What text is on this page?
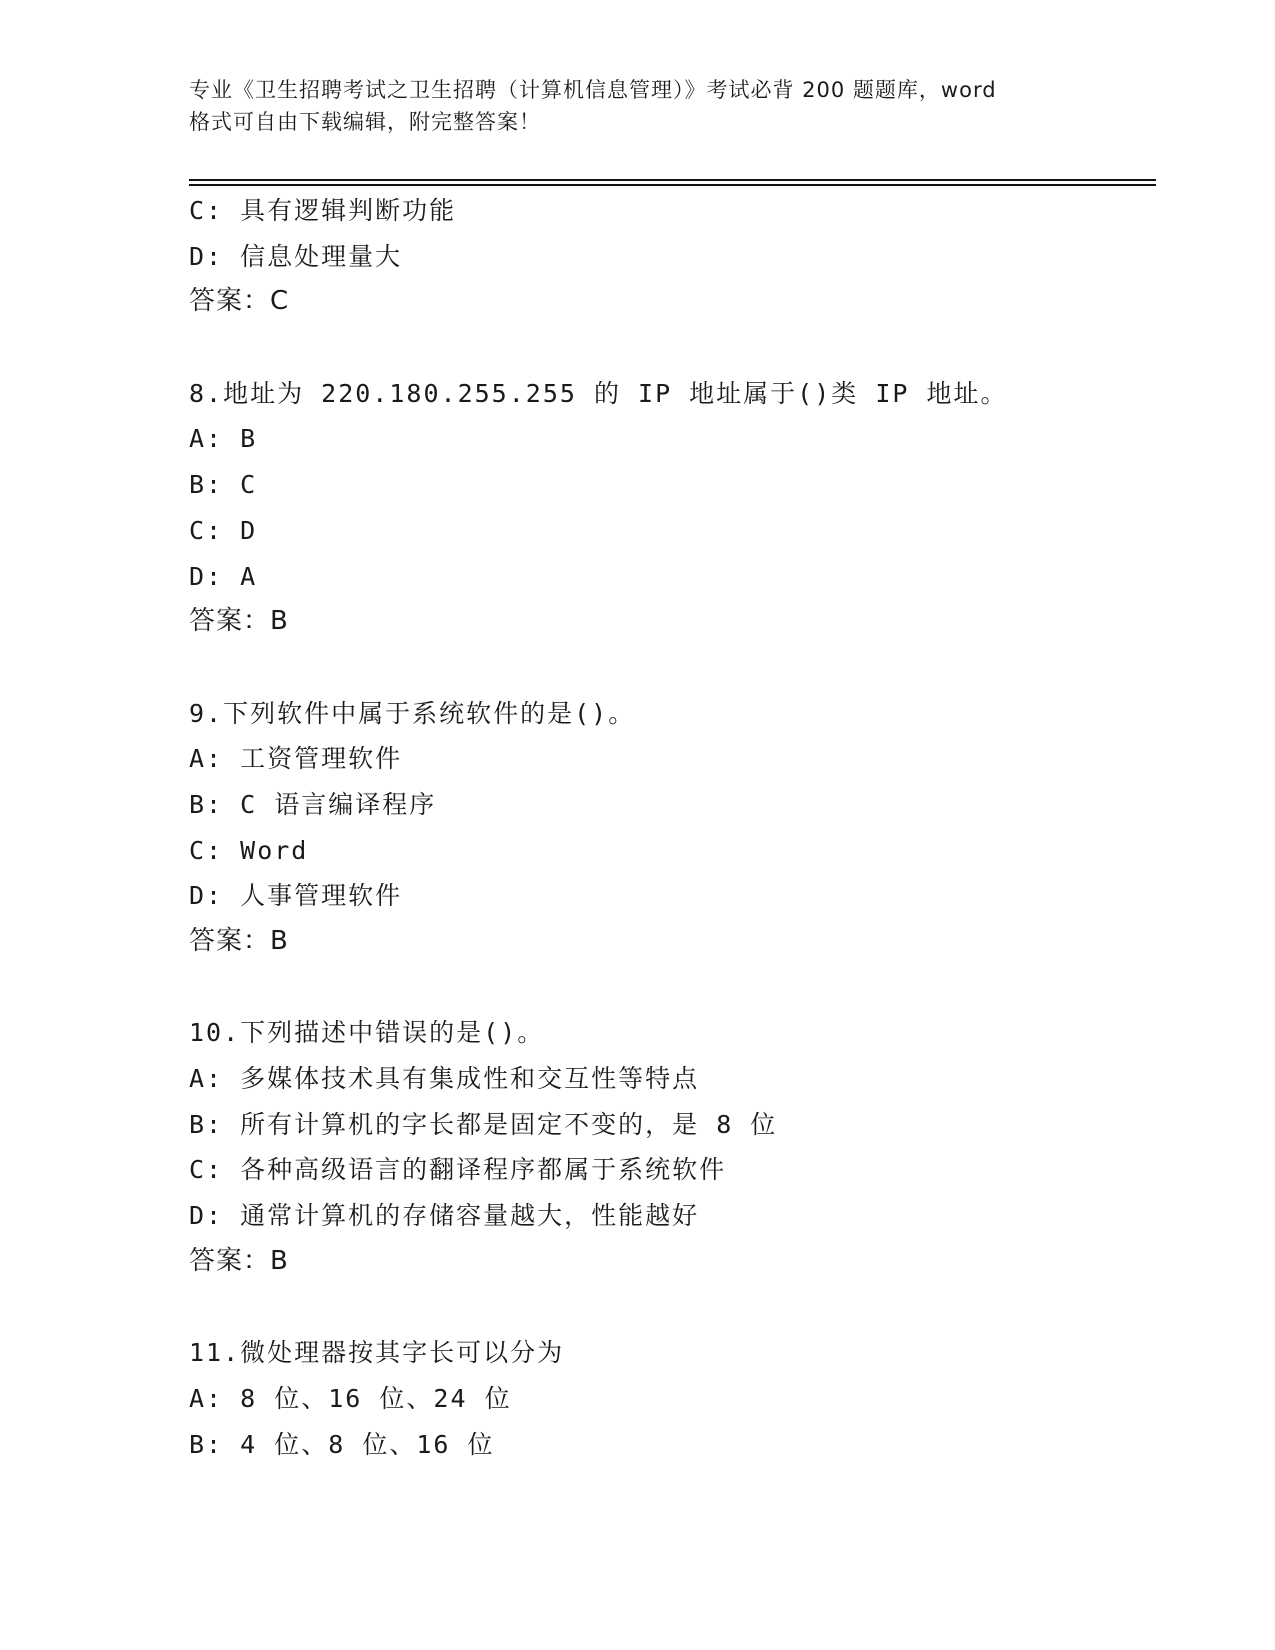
专业《卫生招聘考试之卫生招聘（计算机信息管理）》考试必背 200 题题库，word
格式可自由下载编辑，附完整答案！
C: 具有逻辑判断功能
D: 信息处理量大
答案：C
8.地址为 220.180.255.255 的 IP 地址属于()类 IP 地址。
A: B
B: C
C: D
D: A
答案：B
9.下列软件中属于系统软件的是()。
A: 工资管理软件
B: C 语言编译程序
C: Word
D: 人事管理软件
答案：B
10.下列描述中错误的是()。
A: 多媒体技术具有集成性和交互性等特点
B: 所有计算机的字长都是固定不变的，是 8 位
C: 各种高级语言的翻译程序都属于系统软件
D: 通常计算机的存储容量越大，性能越好
答案：B
11.微处理器按其字长可以分为
A: 8 位、16 位、24 位
B: 4 位、8 位、16 位
